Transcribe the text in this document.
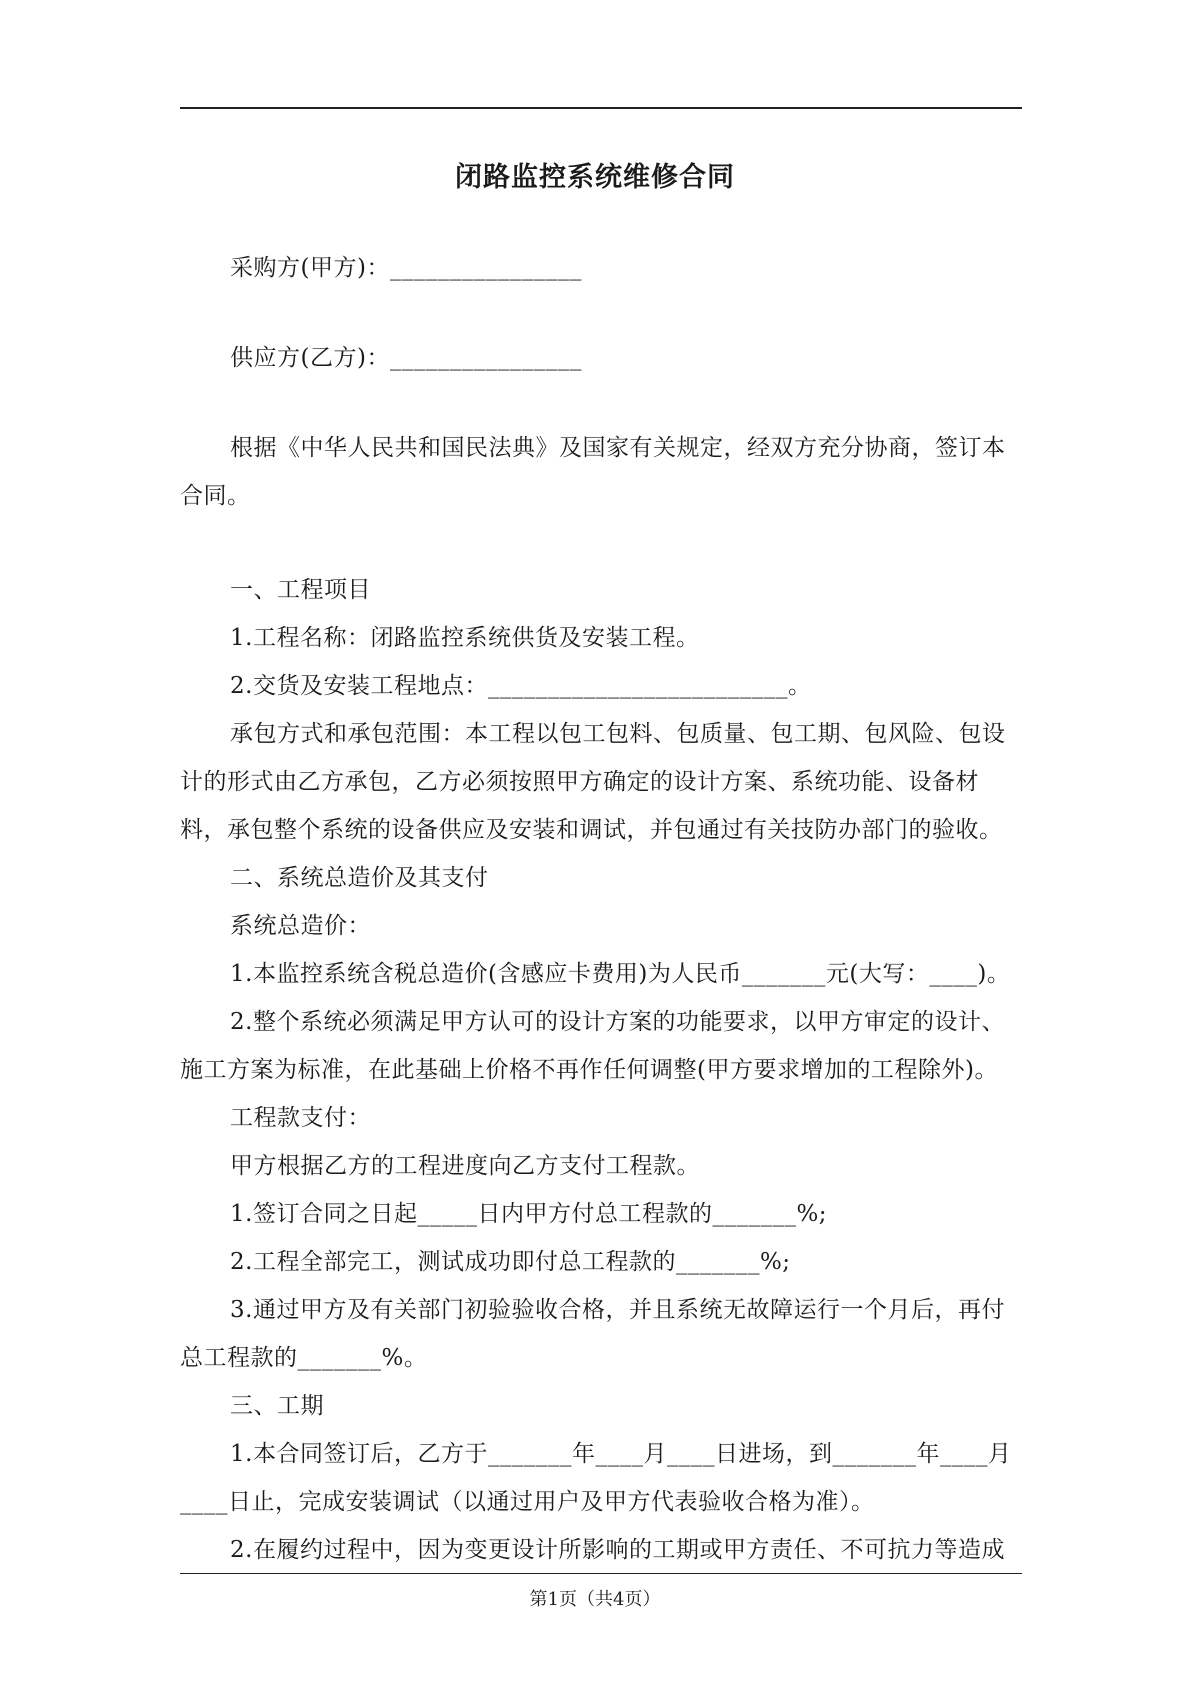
闭路监控系统维修合同

采购方(甲方)：________________

供应方(乙方)：________________

根据《中华人民共和国民法典》及国家有关规定，经双方充分协商，签订本合同。

一、工程项目

1.工程名称：闭路监控系统供货及安装工程。

2.交货及安装工程地点：_________________________。

承包方式和承包范围：本工程以包工包料、包质量、包工期、包风险、包设计的形式由乙方承包，乙方必须按照甲方确定的设计方案、系统功能、设备材料，承包整个系统的设备供应及安装和调试，并包通过有关技防办部门的验收。

二、系统总造价及其支付

系统总造价：

1.本监控系统含税总造价(含感应卡费用)为人民币_______元(大写：____)。

2.整个系统必须满足甲方认可的设计方案的功能要求，以甲方审定的设计、施工方案为标准，在此基础上价格不再作任何调整(甲方要求增加的工程除外)。

工程款支付：

甲方根据乙方的工程进度向乙方支付工程款。

1.签订合同之日起_____日内甲方付总工程款的_______%;

2.工程全部完工，测试成功即付总工程款的_______%;

3.通过甲方及有关部门初验验收合格，并且系统无故障运行一个月后，再付总工程款的_______%。

三、工期

1.本合同签订后，乙方于_______年____月____日进场，到_______年____月____日止，完成安装调试（以通过用户及甲方代表验收合格为准）。

2.在履约过程中，因为变更设计所影响的工期或甲方责任、不可抗力等造成

第1页（共4页）
